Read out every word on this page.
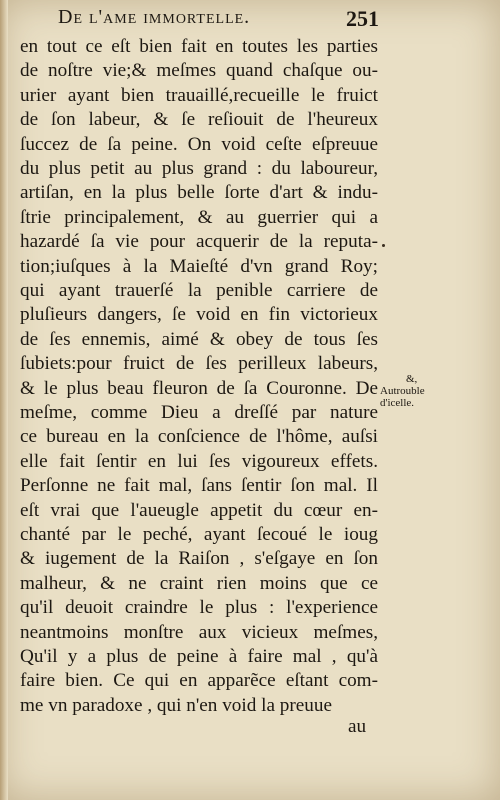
De l'ame immortelle.	251
en tout ce eſt bien fait en toutes les parties
de noſtre vie;& meſmes quand chaſque ou-
urier ayant bien trauaillé,recueille le fruict
de ſon labeur, & ſe reſiouit de l'heureux
ſuccez de ſa peine. On void ceſte eſpreuue
du plus petit au plus grand : du laboureur,
artiſan, en la plus belle ſorte d'art & indu-
ſtrie principalement, & au guerrier qui a
hazardé ſa vie pour acquerir de la reputa-
tion;iuſques à la Maieſté d'vn grand Roy;
qui ayant trauerſé la penible carriere de
pluſieurs dangers, ſe void en fin victorieux
de ſes ennemis, aimé & obey de tous ſes
ſubiets:pour fruict de ſes perilleux labeurs,
& le plus beau fleuron de ſa Couronne. De
meſme, comme Dieu a dreſſé par nature
ce bureau en la conſcience de l'hôme, auſsi
elle fait ſentir en lui ſes vigoureux effets.
Perſonne ne fait mal, ſans ſentir ſon mal. Il
eſt vrai que l'aueugle appetit du cœur en-
chanté par le peché, ayant ſecoué le ioug
& iugement de la Raiſon , s'eſgaye en ſon
malheur, & ne craint rien moins que ce
qu'il deuoit craindre le plus : l'experience
neantmoins monſtre aux vicieux meſmes,
Qu'il y a plus de peine à faire mal , qu'à
faire bien. Ce qui en apparẽce eſtant com-
me vn paradoxe , qui n'en void la preuue
&,
Autrouble
d'icelle.
au
